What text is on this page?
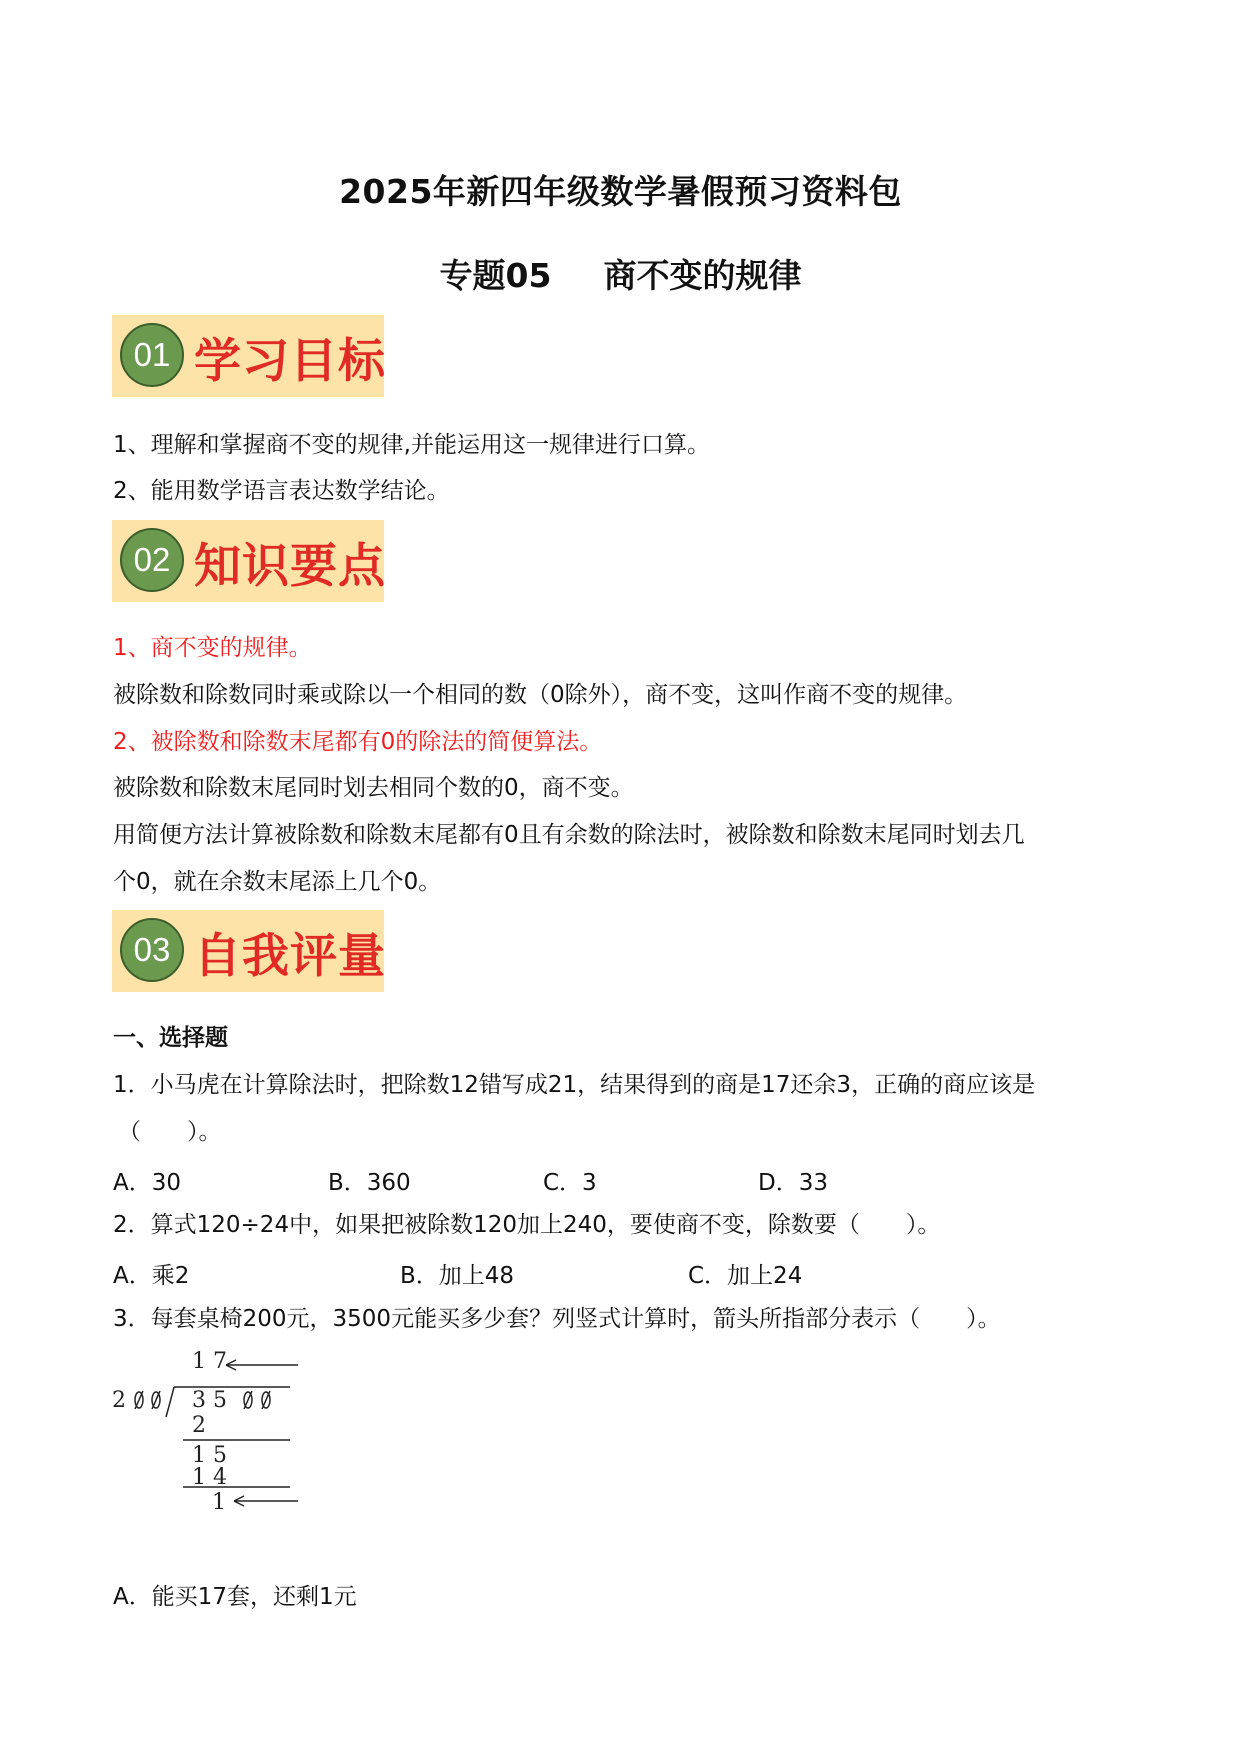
2025年新四年级数学暑假预习资料包
专题05 商不变的规律
01 学习目标
1、理解和掌握商不变的规律,并能运用这一规律进行口算。
2、能用数学语言表达数学结论。
02 知识要点
1、商不变的规律。
被除数和除数同时乘或除以一个相同的数（0除外），商不变，这叫作商不变的规律。
2、被除数和除数末尾都有0的除法的简便算法。
被除数和除数末尾同时划去相同个数的0，商不变。
用简便方法计算被除数和除数末尾都有0且有余数的除法时，被除数和除数末尾同时划去几
个0，就在余数末尾添上几个0。
03 自我评量
一、选择题
1．小马虎在计算除法时，把除数12错写成21，结果得到的商是17还余3，正确的商应该是
（　　）。
A．30	B．360	C．3	D．33
2．算式120÷24中，如果把被除数120加上240，要使商不变，除数要（　　）。
A．乘2	B．加上48	C．加上24
3．每套桌椅200元，3500元能买多少套？列竖式计算时，箭头所指部分表示（　　）。
1 7
2	3 5
2
1 5
1 4
1
A．能买17套，还剩1元
